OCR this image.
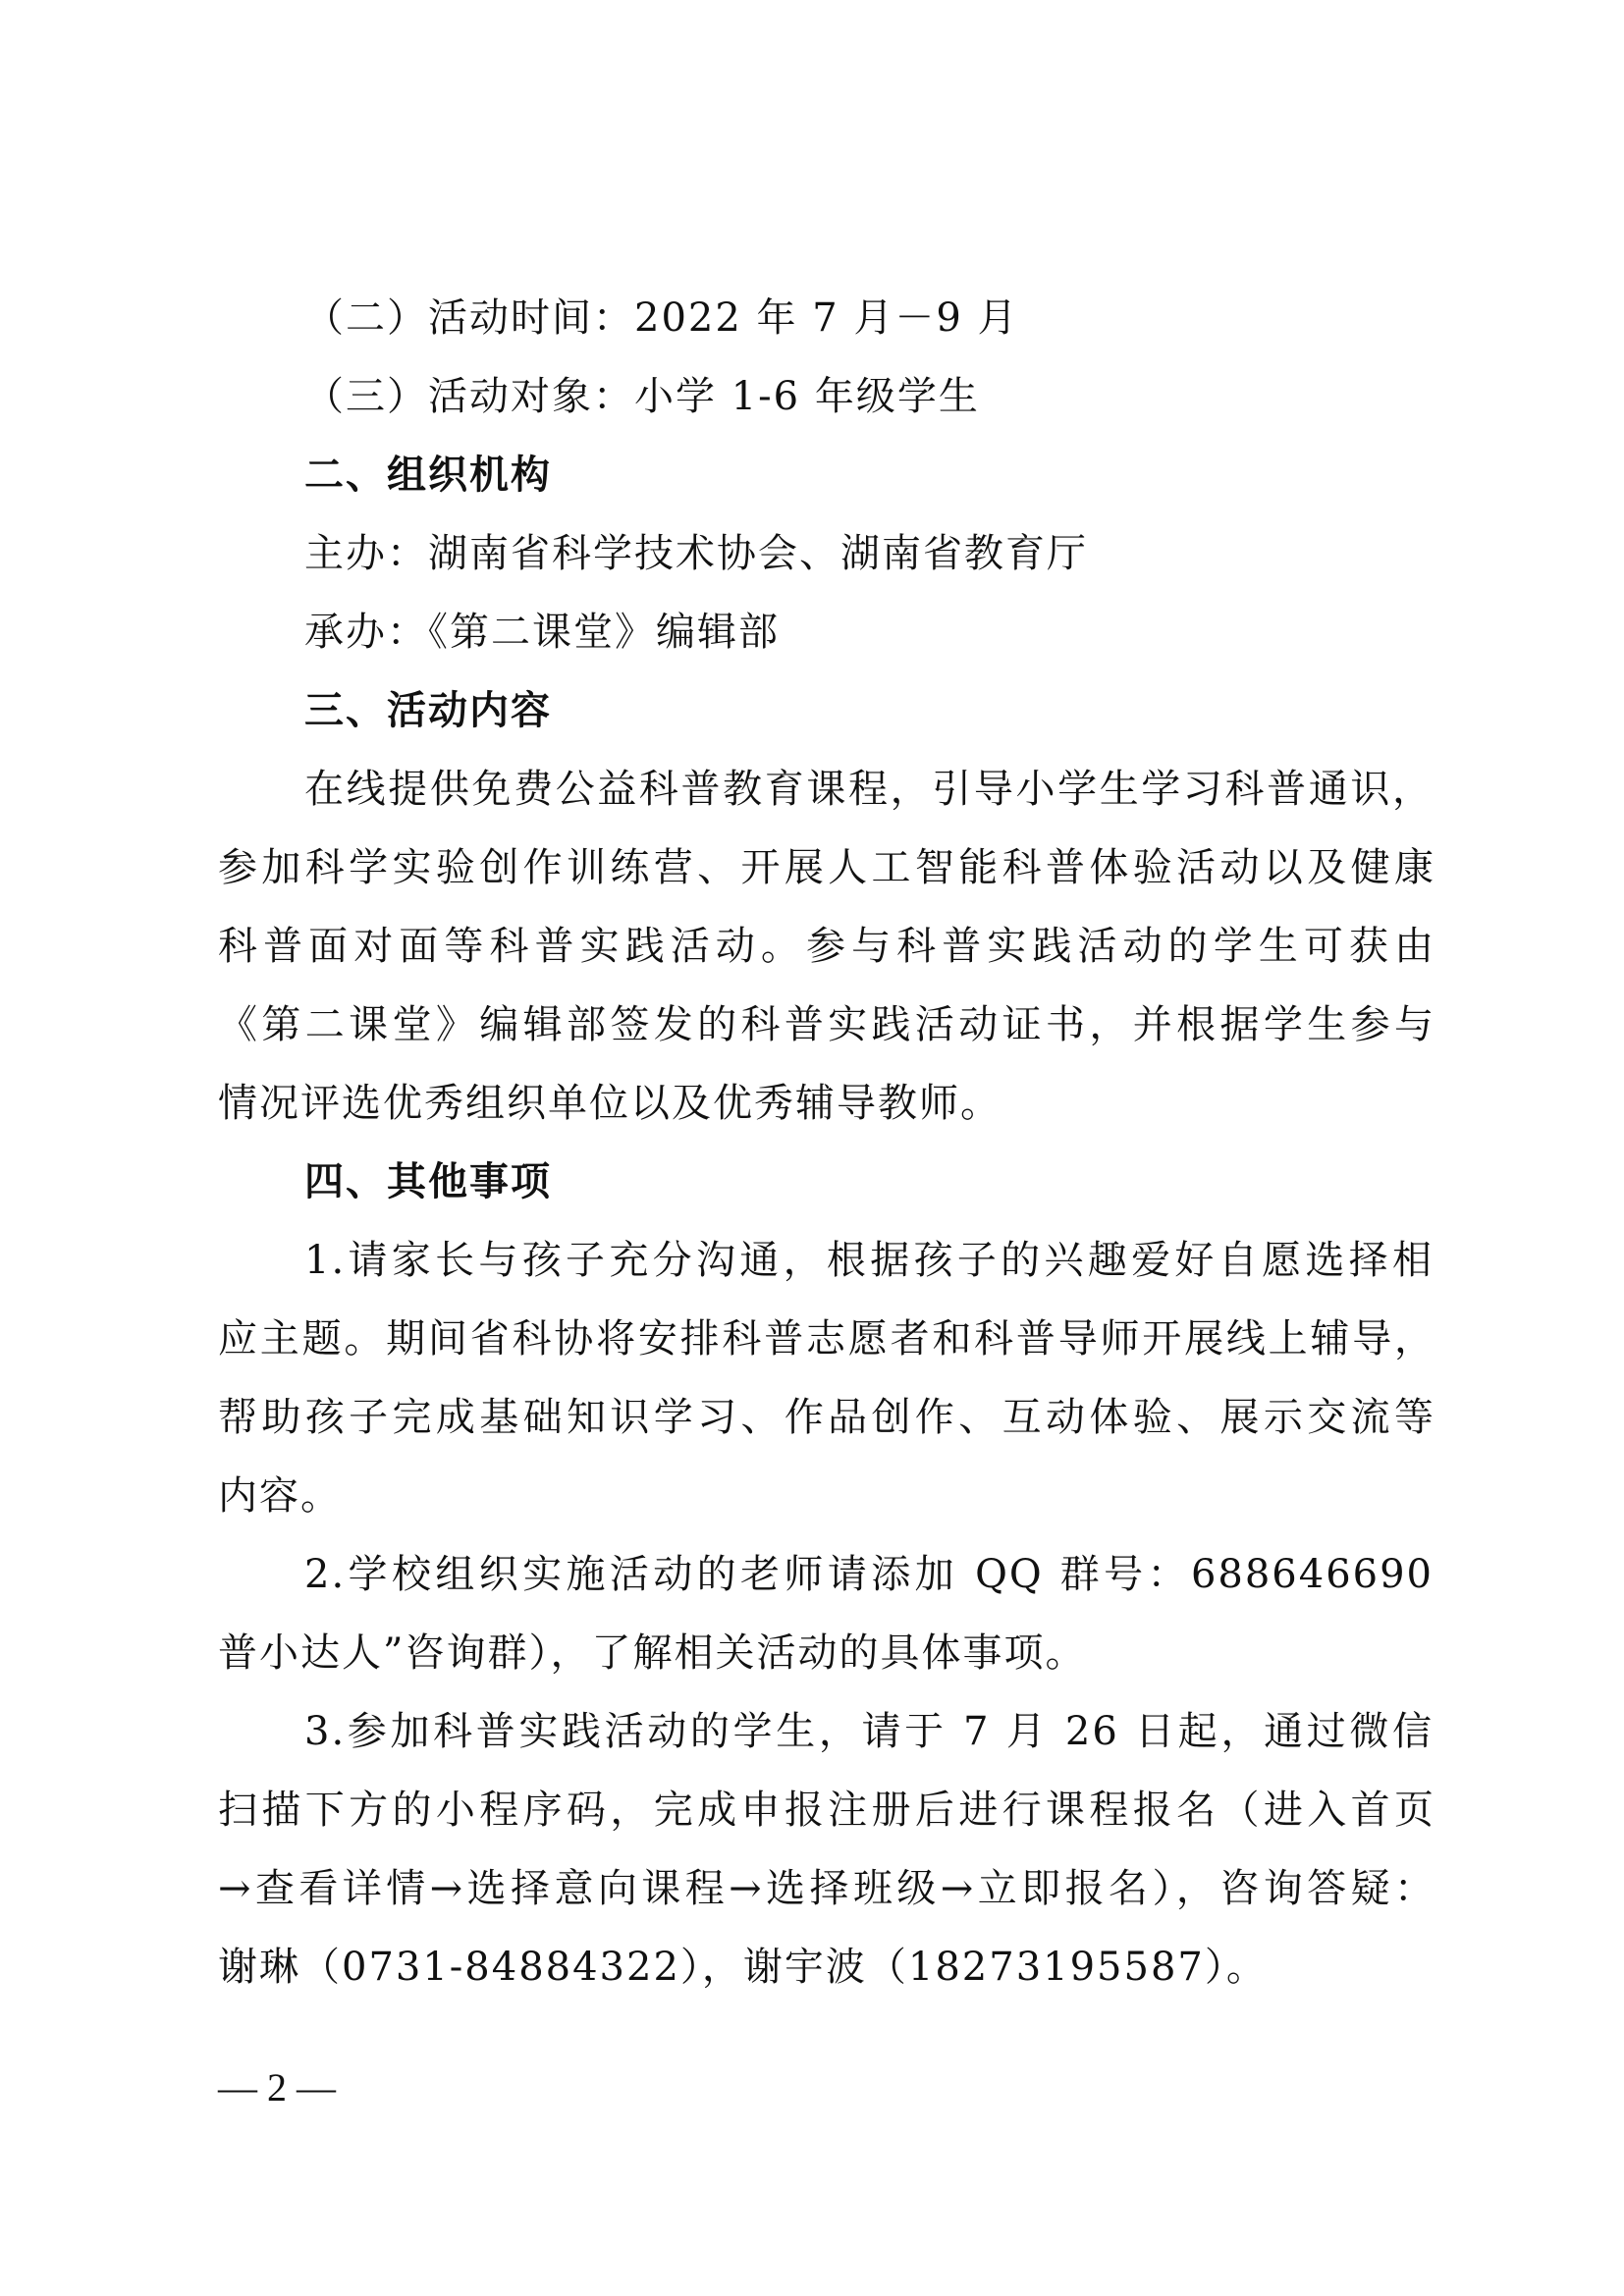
（二）活动时间：2022 年 7 月－9 月
（三）活动对象：小学 1-6 年级学生
二、组织机构
主办：湖南省科学技术协会、湖南省教育厅
承办：《第二课堂》编辑部
三、活动内容
在线提供免费公益科普教育课程，引导小学生学习科普通识，
参加科学实验创作训练营、开展人工智能科普体验活动以及健康
科普面对面等科普实践活动。参与科普实践活动的学生可获由
《第二课堂》编辑部签发的科普实践活动证书，并根据学生参与
情况评选优秀组织单位以及优秀辅导教师。
四、其他事项
1.请家长与孩子充分沟通，根据孩子的兴趣爱好自愿选择相
应主题。期间省科协将安排科普志愿者和科普导师开展线上辅导，
帮助孩子完成基础知识学习、作品创作、互动体验、展示交流等
内容。
2.学校组织实施活动的老师请添加 QQ 群号：688646690
普小达人”咨询群），了解相关活动的具体事项。
3.参加科普实践活动的学生，请于 7 月 26 日起，通过微信
扫描下方的小程序码，完成申报注册后进行课程报名（进入首页
→查看详情→选择意向课程→选择班级→立即报名），咨询答疑：
谢琳（0731-84884322），谢宇波（18273195587）。
— 2 —
